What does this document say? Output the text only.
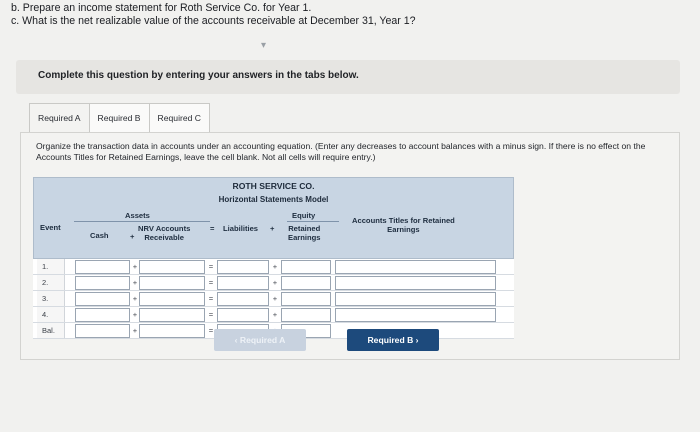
b. Prepare an income statement for Roth Service Co. for Year 1.
c. What is the net realizable value of the accounts receivable at December 31, Year 1?
▾
Complete this question by entering your answers in the tabs below.
Required A	Required B	Required C
Organize the transaction data in accounts under an accounting equation. (Enter any decreases to account balances with a minus sign. If there is no effect on the Accounts Titles for Retained Earnings, leave the cell blank. Not all cells will require entry.)
ROTH SERVICE CO.
Horizontal Statements Model
Event
Assets
Cash	+
NRV Accounts
Receivable
= Liabilities +
Equity
Retained
Earnings
Accounts Titles for Retained
Earnings
1.	+	=	+
2.	+	=	+
3.	+	=	+
4.	+	=	+
Bal.	+	=
‹ Required A	Required B ›
